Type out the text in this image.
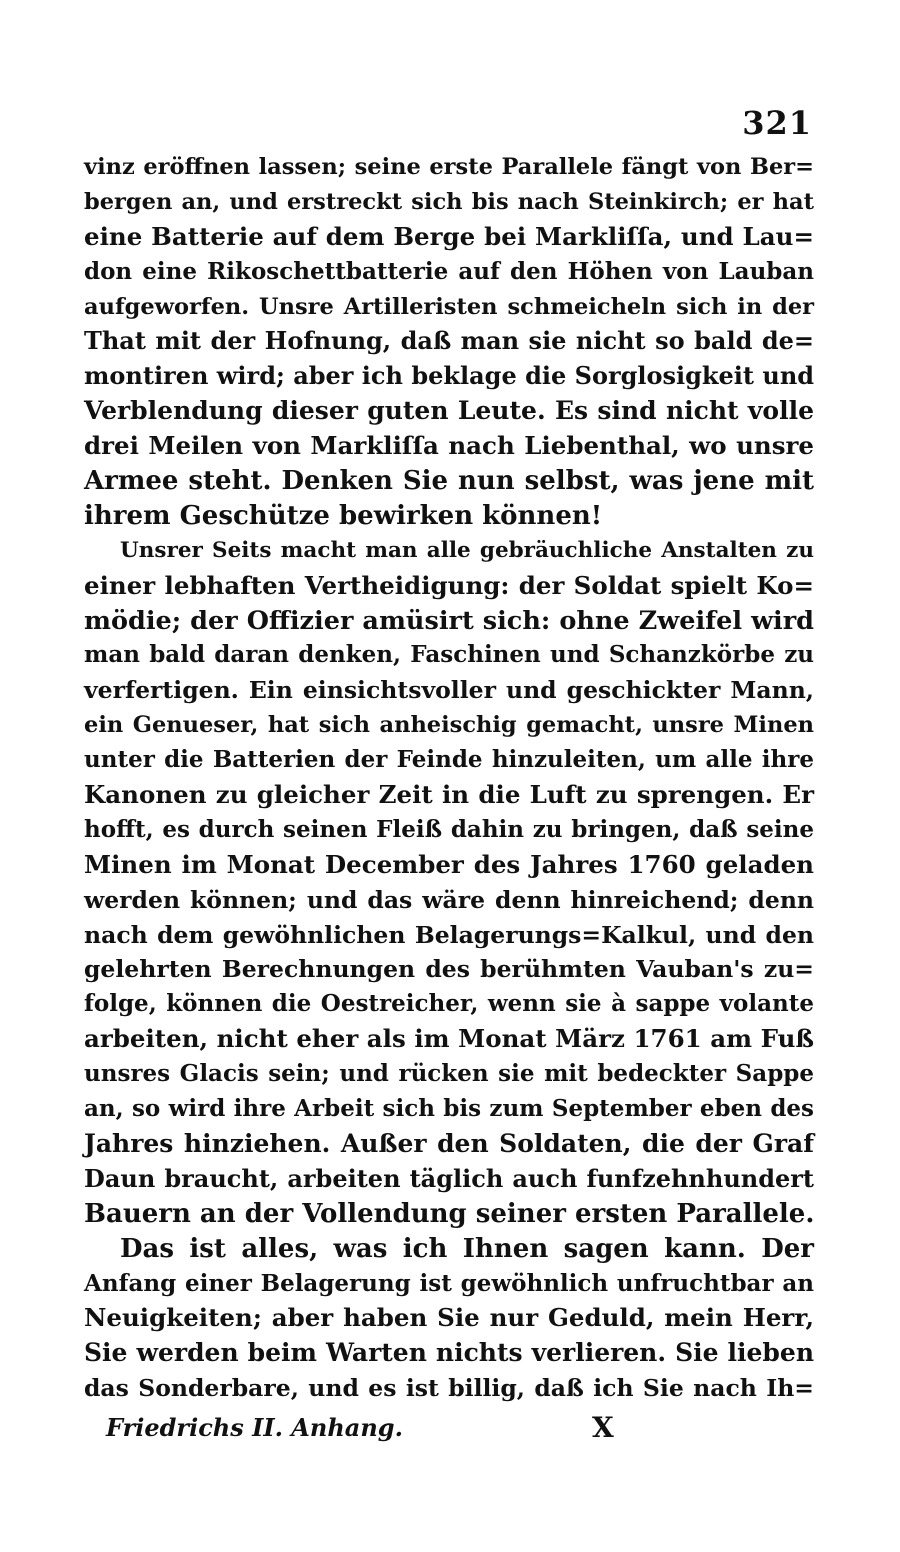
321
vinz eröffnen lassen; seine erste Parallele fängt von Ber=
bergen an, und erstreckt sich bis nach Steinkirch; er hat
eine Batterie auf dem Berge bei Markliſſa, und Lau=
don eine Rikoschettbatterie auf den Höhen von Lauban
aufgeworfen. Unsre Artilleristen schmeicheln sich in der
That mit der Hofnung, daß man sie nicht so bald de=
montiren wird; aber ich beklage die Sorglosigkeit und
Verblendung dieser guten Leute. Es sind nicht volle
drei Meilen von Markliſſa nach Liebenthal, wo unsre
Armee steht. Denken Sie nun selbst, was jene mit
ihrem Geschütze bewirken können!
Unsrer Seits macht man alle gebräuchliche Anstalten zu
einer lebhaften Vertheidigung: der Soldat spielt Ko=
mödie; der Offizier amüsirt sich: ohne Zweifel wird
man bald daran denken, Faschinen und Schanzkörbe zu
verfertigen. Ein einsichtsvoller und geschickter Mann,
ein Genueser, hat sich anheischig gemacht, unsre Minen
unter die Batterien der Feinde hinzuleiten, um alle ihre
Kanonen zu gleicher Zeit in die Luft zu sprengen. Er
hofft, es durch seinen Fleiß dahin zu bringen, daß seine
Minen im Monat December des Jahres 1760 geladen
werden können; und das wäre denn hinreichend; denn
nach dem gewöhnlichen Belagerungs=Kalkul, und den
gelehrten Berechnungen des berühmten Vauban's zu=
folge, können die Oestreicher, wenn sie à sappe volante
arbeiten, nicht eher als im Monat März 1761 am Fuß
unsres Glacis sein; und rücken sie mit bedeckter Sappe
an, so wird ihre Arbeit sich bis zum September eben des
Jahres hinziehen. Außer den Soldaten, die der Graf
Daun braucht, arbeiten täglich auch funfzehnhundert
Bauern an der Vollendung seiner ersten Parallele.
Das ist alles, was ich Ihnen sagen kann. Der
Anfang einer Belagerung ist gewöhnlich unfruchtbar an
Neuigkeiten; aber haben Sie nur Geduld, mein Herr,
Sie werden beim Warten nichts verlieren. Sie lieben
das Sonderbare, und es ist billig, daß ich Sie nach Ih=
Friedrichs II. Anhang.	X
